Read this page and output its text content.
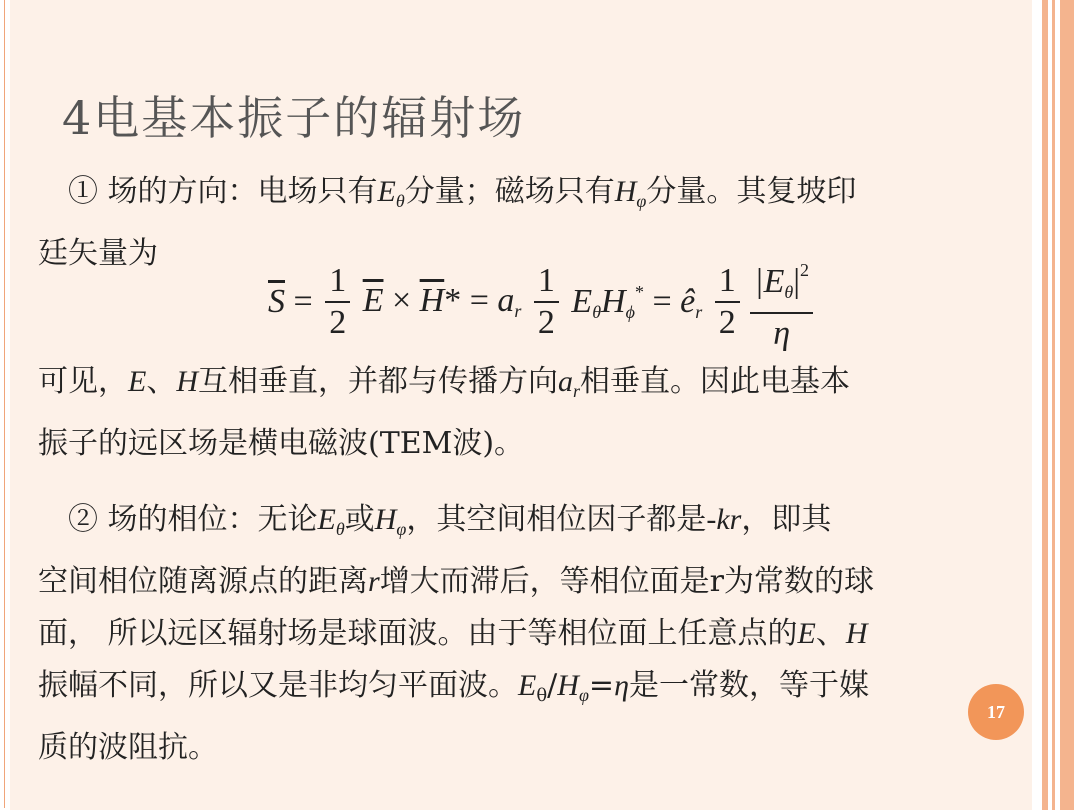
4电基本振子的辐射场
① 场的方向：电场只有$E_\theta$分量；磁场只有$H_\varphi$分量。其复坡印
廷矢量为
$\overline{S} = \frac{1}{2} \overline{E} \times \overline{H}* = a_r \frac{1}{2} E_\theta H_\phi^*$ = $ê_r \frac{1}{2}$
$\frac{|E_\theta|^2}{\eta}$
可见，E、H互相垂直，并都与传播方向$a_r$相垂直。因此电基本
振子的远区场是横电磁波(TEM波)。
② 场的相位：无论$E_\theta$或$H_\varphi$，其空间相位因子都是-kr，即其
空间相位随离源点的距离r增大而滞后，等相位面是r为常数的球
面， 所以远区辐射场是球面波。由于等相位面上任意点的E、H
振幅不同，所以又是非均匀平面波。$E_\theta/H_\varphi=\eta$是一常数，等于媒
质的波阻抗。
17
